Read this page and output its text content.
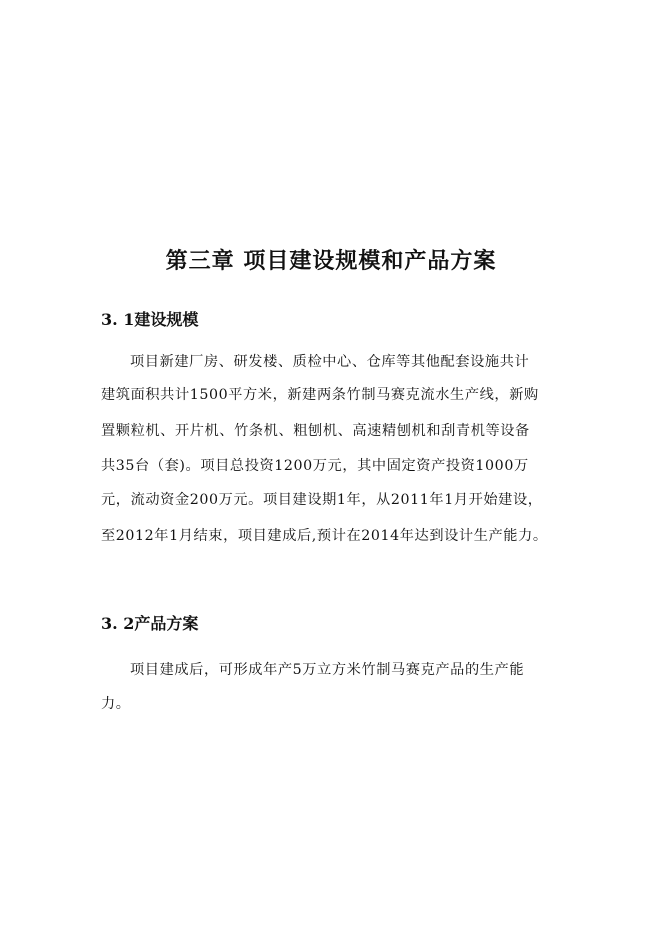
第三章 项目建设规模和产品方案
3. 1建设规模

项目新建厂房、研发楼、质检中心、仓库等其他配套设施共计

建筑面积共计1500平方米，新建两条竹制马赛克流水生产线，新购

置颗粒机、开片机、竹条机、粗刨机、高速精刨机和刮青机等设备

共35台（套)。项目总投资1200万元，其中固定资产投资1000万

元，流动资金200万元。项目建设期1年，从2011年1月开始建设，

至2012年1月结束，项目建成后,预计在2014年达到设计生产能力。

3. 2产品方案

项目建成后，可形成年产5万立方米竹制马赛克产品的生产能

力。
